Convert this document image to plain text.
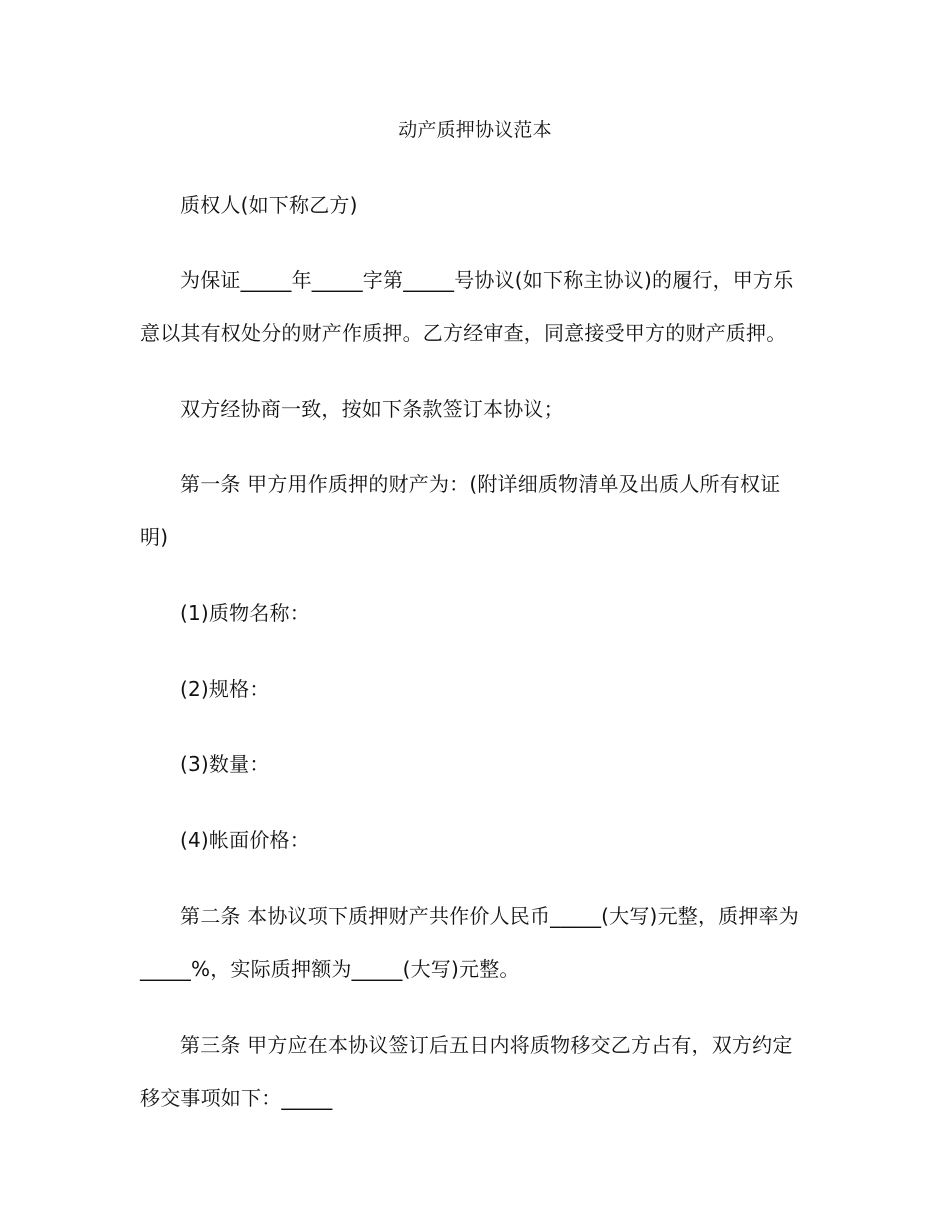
动产质押协议范本
质权人(如下称乙方)
为保证_____年_____字第_____号协议(如下称主协议)的履行，甲方乐
意以其有权处分的财产作质押。乙方经审查，同意接受甲方的财产质押。
双方经协商一致，按如下条款签订本协议；
第一条 甲方用作质押的财产为：(附详细质物清单及出质人所有权证
明)
(1)质物名称：
(2)规格：
(3)数量：
(4)帐面价格：
第二条 本协议项下质押财产共作价人民币_____(大写)元整，质押率为
_____%，实际质押额为_____(大写)元整。
第三条 甲方应在本协议签订后五日内将质物移交乙方占有，双方约定
移交事项如下：_____
